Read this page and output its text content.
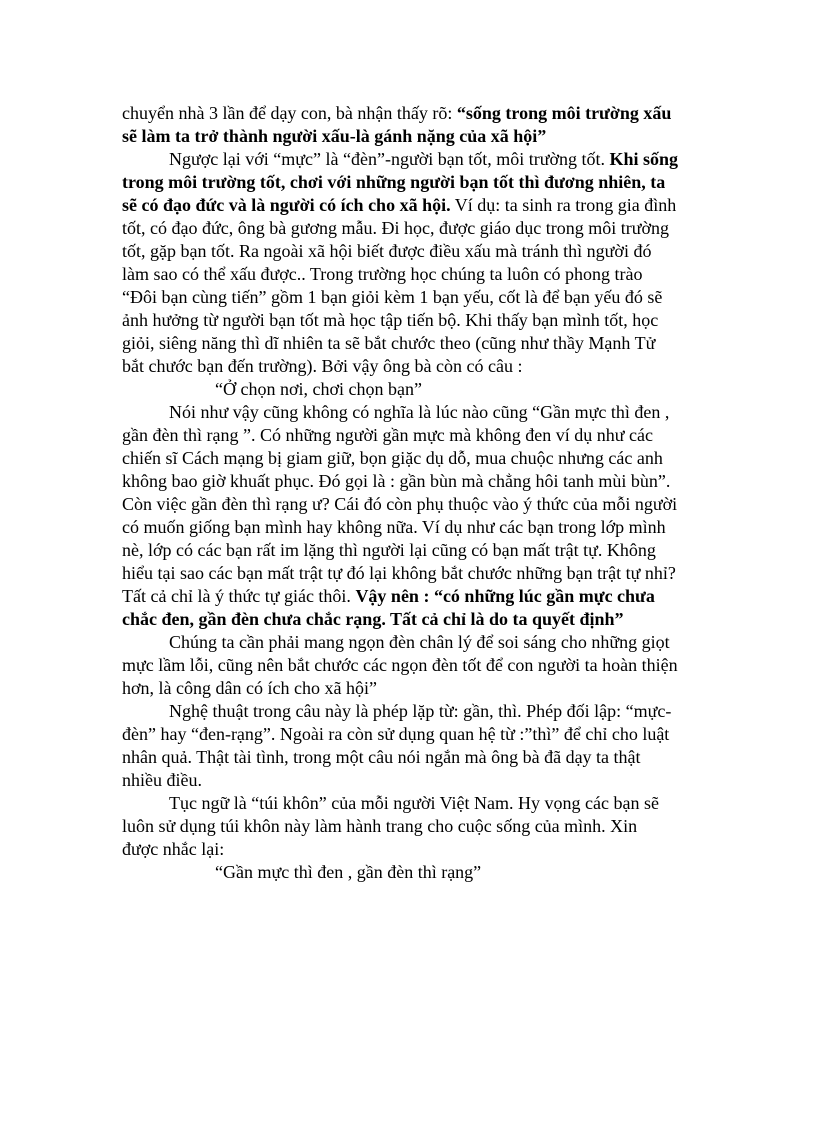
chuyển nhà 3 lần để dạy con, bà nhận thấy rõ: “sống trong môi trường xấu
sẽ làm ta trở thành người xấu-là gánh nặng của xã hội”
Ngược lại với “mực” là “đèn”-người bạn tốt, môi trường tốt. Khi sống
trong môi trường tốt, chơi với những người bạn tốt thì đương nhiên, ta
sẽ có đạo đức và là người có ích cho xã hội. Ví dụ: ta sinh ra trong gia đình
tốt, có đạo đức, ông bà gương mẫu. Đi học, được giáo dục trong môi trường
tốt, gặp bạn tốt. Ra ngoài xã hội biết được điều xấu mà tránh thì người đó
làm sao có thể xấu được.. Trong trường học chúng ta luôn có phong trào
“Đôi bạn cùng tiến” gồm 1 bạn giỏi kèm 1 bạn yếu, cốt là để bạn yếu đó sẽ
ảnh hưởng từ người bạn tốt mà học tập tiến bộ. Khi thấy bạn mình tốt, học
giỏi, siêng năng thì dĩ nhiên ta sẽ bắt chước theo (cũng như thầy Mạnh Tử
bắt chước bạn đến trường). Bởi vậy ông bà còn có câu :
“Ở chọn nơi, chơi chọn bạn”
Nói như vậy cũng không có nghĩa là lúc nào cũng “Gần mực thì đen ,
gần đèn thì rạng ”. Có những người gần mực mà không đen ví dụ như các
chiến sĩ Cách mạng bị giam giữ, bọn giặc dụ dỗ, mua chuộc nhưng các anh
không bao giờ khuất phục. Đó gọi là : gần bùn mà chẳng hôi tanh mùi bùn”.
Còn việc gần đèn thì rạng ư? Cái đó còn phụ thuộc vào ý thức của mỗi người
có muốn giống bạn mình hay không nữa. Ví dụ như các bạn trong lớp mình
nè, lớp có các bạn rất im lặng thì người lại cũng có bạn mất trật tự. Không
hiểu tại sao các bạn mất trật tự đó lại không bắt chước những bạn trật tự nhỉ?
Tất cả chỉ là ý thức tự giác thôi. Vậy nên : “có những lúc gần mực chưa
chắc đen, gần đèn chưa chắc rạng. Tất cả chỉ là do ta quyết định”
Chúng ta cần phải mang ngọn đèn chân lý để soi sáng cho những giọt
mực lầm lỗi, cũng nên bắt chước các ngọn đèn tốt để con người ta hoàn thiện
hơn, là công dân có ích cho xã hội”
Nghệ thuật trong câu này là phép lặp từ: gần, thì. Phép đối lập: “mực-
đèn” hay “đen-rạng”. Ngoài ra còn sử dụng quan hệ từ :”thì” để chỉ cho luật
nhân quả. Thật tài tình, trong một câu nói ngắn mà ông bà đã dạy ta thật
nhiều điều.
Tục ngữ là “túi khôn” của mỗi người Việt Nam. Hy vọng các bạn sẽ
luôn sử dụng túi khôn này làm hành trang cho cuộc sống của mình. Xin
được nhắc lại:
“Gần mực thì đen , gần đèn thì rạng”
